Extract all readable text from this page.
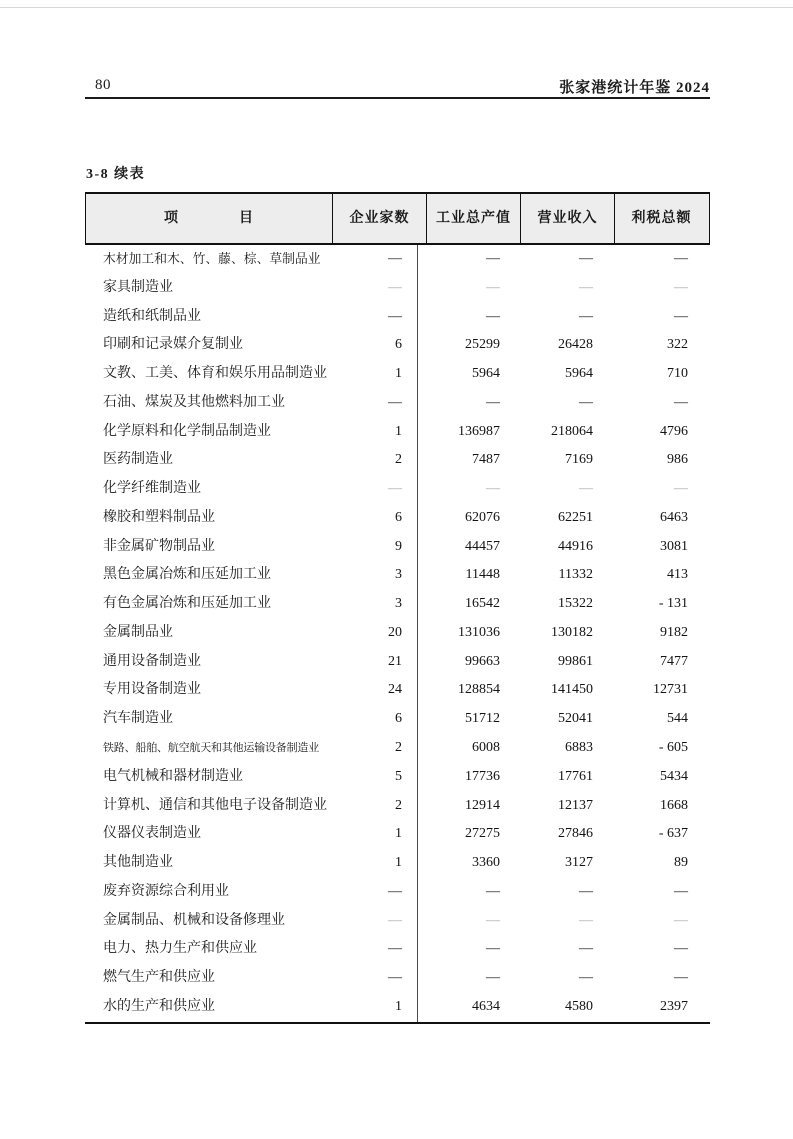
80	张家港统计年鉴 2024
3-8 续表
项　　　　目	企业家数	工业总产值	营业收入	利税总额
木材加工和木、竹、藤、棕、草制品业	—	—	—	—
家具制造业	—	—	—	—
造纸和纸制品业	—	—	—	—
印刷和记录媒介复制业	6	25299	26428	322
文教、工美、体育和娱乐用品制造业	1	5964	5964	710
石油、煤炭及其他燃料加工业	—	—	—	—
化学原料和化学制品制造业	1	136987	218064	4796
医药制造业	2	7487	7169	986
化学纤维制造业	—	—	—	—
橡胶和塑料制品业	6	62076	62251	6463
非金属矿物制品业	9	44457	44916	3081
黑色金属冶炼和压延加工业	3	11448	11332	413
有色金属冶炼和压延加工业	3	16542	15322	- 131
金属制品业	20	131036	130182	9182
通用设备制造业	21	99663	99861	7477
专用设备制造业	24	128854	141450	12731
汽车制造业	6	51712	52041	544
铁路、船舶、航空航天和其他运输设备制造业	2	6008	6883	- 605
电气机械和器材制造业	5	17736	17761	5434
计算机、通信和其他电子设备制造业	2	12914	12137	1668
仪器仪表制造业	1	27275	27846	- 637
其他制造业	1	3360	3127	89
废弃资源综合利用业	—	—	—	—
金属制品、机械和设备修理业	—	—	—	—
电力、热力生产和供应业	—	—	—	—
燃气生产和供应业	—	—	—	—
水的生产和供应业	1	4634	4580	2397
